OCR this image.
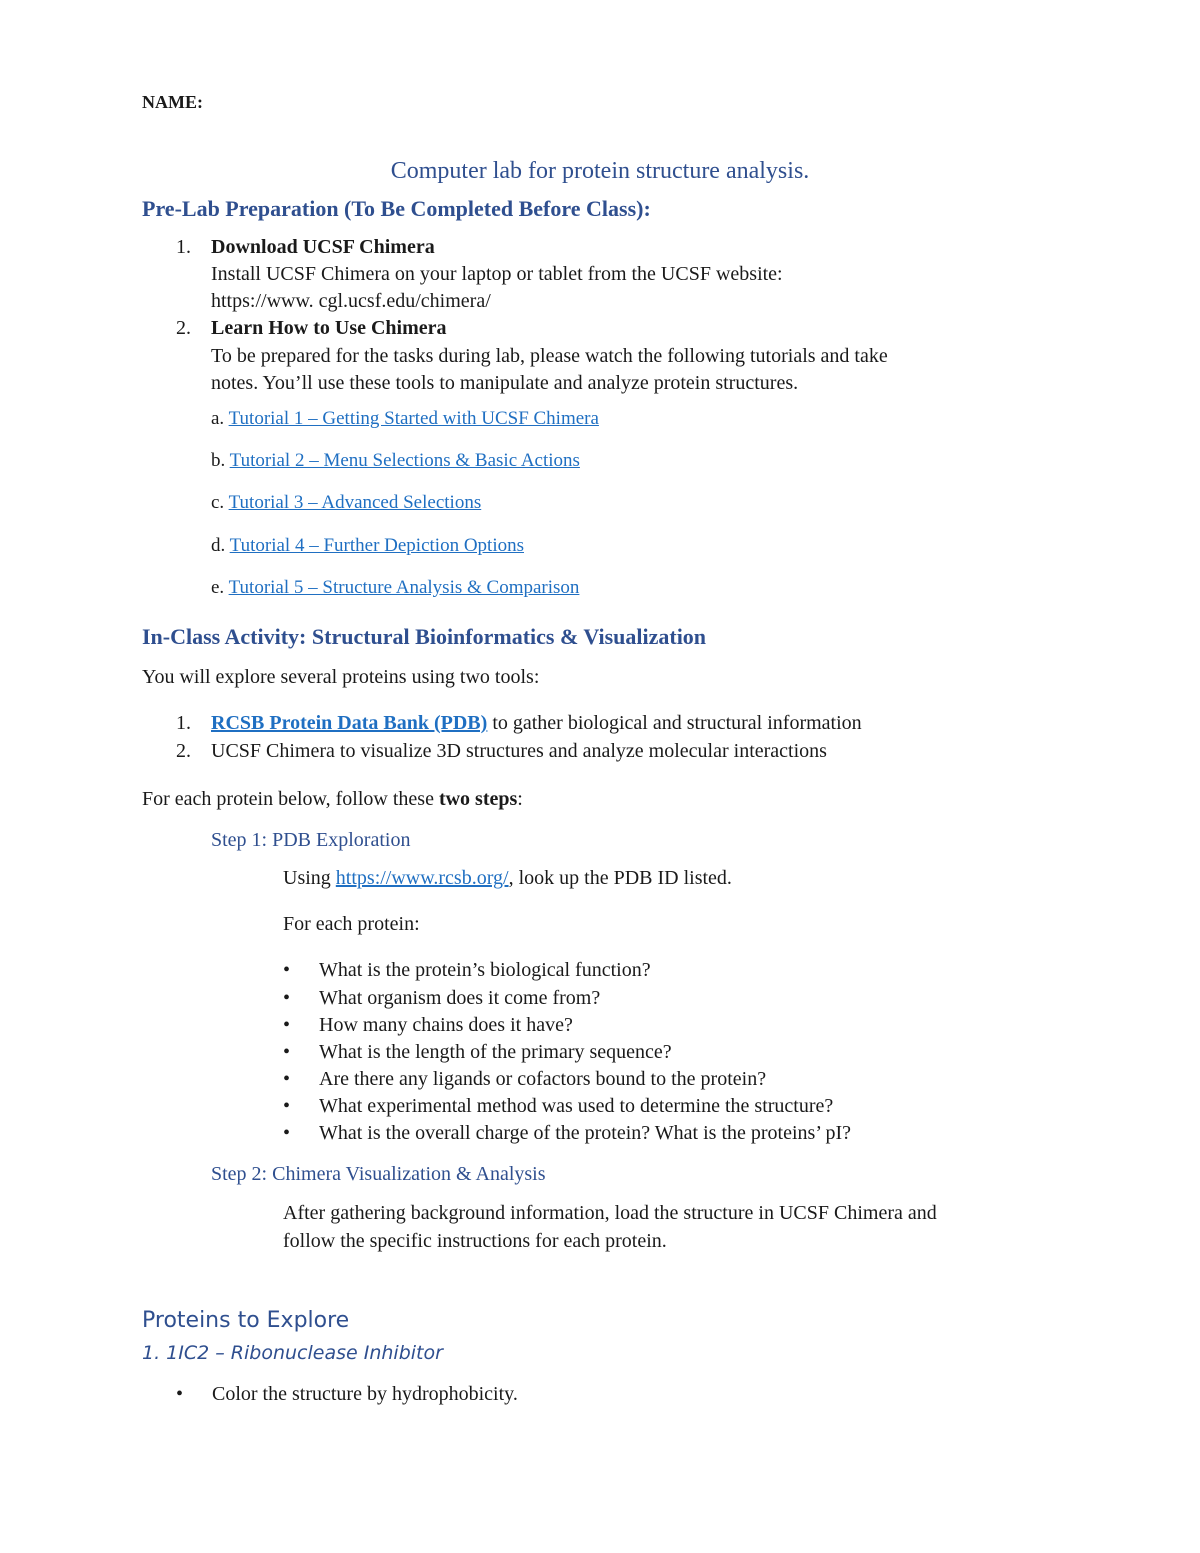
NAME:
Computer lab for protein structure analysis.
Pre-Lab Preparation (To Be Completed Before Class):
1.	Download UCSF Chimera
Install UCSF Chimera on your laptop or tablet from the UCSF website:
https://www. cgl.ucsf.edu/chimera/
2.	Learn How to Use Chimera
To be prepared for the tasks during lab, please watch the following tutorials and take
notes. You’ll use these tools to manipulate and analyze protein structures.
a. Tutorial 1 – Getting Started with UCSF Chimera
b. Tutorial 2 – Menu Selections & Basic Actions
c. Tutorial 3 – Advanced Selections
d. Tutorial 4 – Further Depiction Options
e. Tutorial 5 – Structure Analysis & Comparison
In-Class Activity: Structural Bioinformatics & Visualization
You will explore several proteins using two tools:
1.	RCSB Protein Data Bank (PDB) to gather biological and structural information
2.	UCSF Chimera to visualize 3D structures and analyze molecular interactions
For each protein below, follow these two steps:
Step 1: PDB Exploration
Using https://www.rcsb.org/, look up the PDB ID listed.
For each protein:
• What is the protein’s biological function?
• What organism does it come from?
• How many chains does it have?
• What is the length of the primary sequence?
• Are there any ligands or cofactors bound to the protein?
• What experimental method was used to determine the structure?
• What is the overall charge of the protein? What is the proteins’ pI?
Step 2: Chimera Visualization & Analysis
After gathering background information, load the structure in UCSF Chimera and
follow the specific instructions for each protein.
Proteins to Explore
1. 1IC2 – Ribonuclease Inhibitor
• Color the structure by hydrophobicity.
